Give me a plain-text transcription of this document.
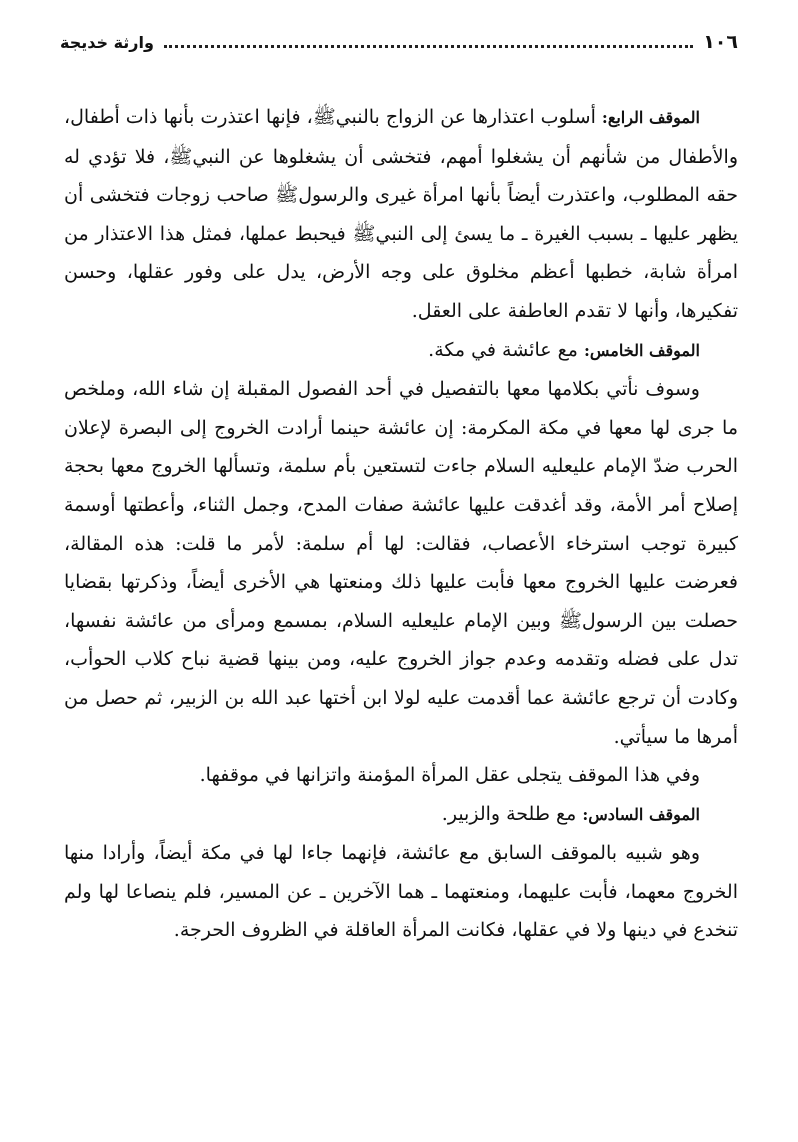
١٠٦
وارثة خديجة

الموقف الرابع: أسلوب اعتذارها عن الزواج بالنبيﷺ، فإنها اعتذرت بأنها ذات أطفال، والأطفال من شأنهم أن يشغلوا أمهم، فتخشى أن يشغلوها عن النبيﷺ، فلا تؤدي له حقه المطلوب، واعتذرت أيضاً بأنها امرأة غيرى والرسولﷺ صاحب زوجات فتخشى أن يظهر عليها ـ بسبب الغيرة ـ ما يسئ إلى النبيﷺ فيحبط عملها، فمثل هذا الاعتذار من امرأة شابة، خطبها أعظم مخلوق على وجه الأرض، يدل على وفور عقلها، وحسن تفكيرها، وأنها لا تقدم العاطفة على العقل.

الموقف الخامس: مع عائشة في مكة.

وسوف نأتي بكلامها معها بالتفصيل في أحد الفصول المقبلة إن شاء الله، وملخص ما جرى لها معها في مكة المكرمة: إن عائشة حينما أرادت الخروج إلى البصرة لإعلان الحرب ضدّ الإمام علي‏عليه السلام جاءت لتستعين بأم سلمة، وتسألها الخروج معها بحجة إصلاح أمر الأمة، وقد أغدقت عليها عائشة صفات المدح، وجمل الثناء، وأعطتها أوسمة كبيرة توجب استرخاء الأعصاب، فقالت: لها أم سلمة: لأمر ما قلت: هذه المقالة، فعرضت عليها الخروج معها فأبت عليها ذلك ومنعتها هي الأخرى أيضاً، وذكرتها بقضايا حصلت بين الرسولﷺ وبين الإمام علي‏عليه السلام، بمسمع ومرأى من عائشة نفسها، تدل على فضله وتقدمه وعدم جواز الخروج عليه، ومن بينها قضية نباح كلاب الحوأب، وكادت أن ترجع عائشة عما أقدمت عليه لولا ابن أختها عبد الله بن الزبير، ثم حصل من أمرها ما سيأتي.

وفي هذا الموقف يتجلى عقل المرأة المؤمنة واتزانها في موقفها.

الموقف السادس: مع طلحة والزبير.

وهو شبيه بالموقف السابق مع عائشة، فإنهما جاءا لها في مكة أيضاً، وأرادا منها الخروج معهما، فأبت عليهما، ومنعتهما ـ هما الآخرين ـ عن المسير، فلم ينصاعا لها ولم تنخدع في دينها ولا في عقلها، فكانت المرأة العاقلة في الظروف الحرجة.
